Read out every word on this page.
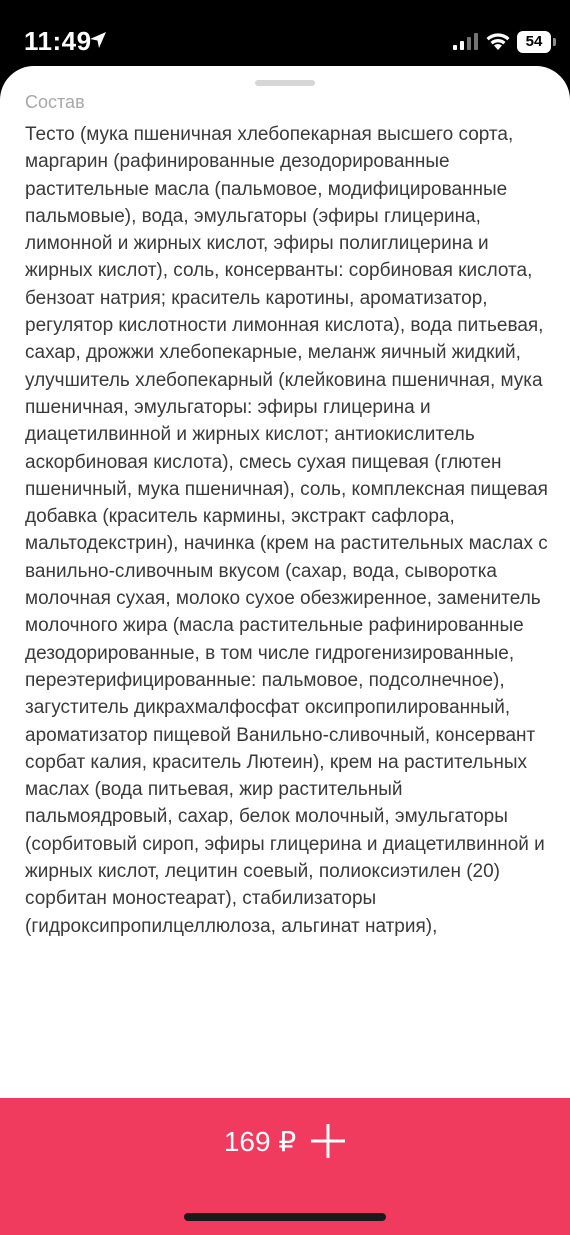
11:49	54
Состав

Тесто (мука пшеничная хлебопекарная высшего сорта, маргарин (рафинированные дезодорированные растительные масла (пальмовое, модифицированные пальмовые), вода, эмульгаторы (эфиры глицерина, лимонной и жирных кислот, эфиры полиглицерина и жирных кислот), соль, консерванты: сорбиновая кислота, бензоат натрия; краситель каротины, ароматизатор, регулятор кислотности лимонная кислота), вода питьевая, сахар, дрожжи хлебопекарные, меланж яичный жидкий, улучшитель хлебопекарный (клейковина пшеничная, мука пшеничная, эмульгаторы: эфиры глицерина и диацетилвинной и жирных кислот; антиокислитель аскорбиновая кислота), смесь сухая пищевая (глютен пшеничный, мука пшеничная), соль, комплексная пищевая добавка (краситель кармины, экстракт сафлора, мальтодекстрин), начинка (крем на растительных маслах с ванильно-сливочным вкусом (сахар, вода, сыворотка молочная сухая, молоко сухое обезжиренное, заменитель молочного жира (масла растительные рафинированные дезодорированные, в том числе гидрогенизированные, переэтерифицированные: пальмовое, подсолнечное), загуститель дикрахмалфосфат оксипропилированный, ароматизатор пищевой Ванильно-сливочный, консервант сорбат калия, краситель Лютеин), крем на растительных маслах (вода питьевая, жир растительный пальмоядровый, сахар, белок молочный, эмульгаторы (сорбитовый сироп, эфиры глицерина и диацетилвинной и жирных кислот, лецитин соевый, полиоксиэтилен (20) сорбитан моностеарат), стабилизаторы (гидроксипропилцеллюлоза, альгинат натрия),

169 ₽
